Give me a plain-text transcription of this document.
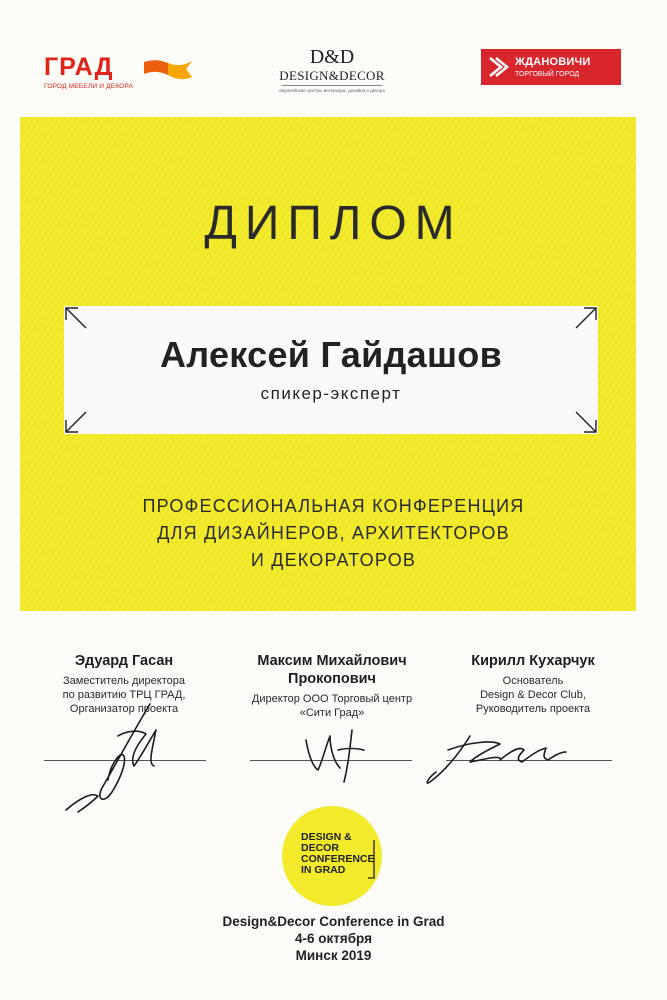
ГРАД
ГОРОД МЕБЕЛИ И ДЕКОРА
D&D
DESIGN&DECOR
европейские центры интерьера, дизайна и декора
ЖДАНОВИЧИ
ТОРГОВЫЙ ГОРОД
ДИПЛОМ
Алексей Гайдашов
спикер-эксперт
ПРОФЕССИОНАЛЬНАЯ КОНФЕРЕНЦИЯ
ДЛЯ ДИЗАЙНЕРОВ, АРХИТЕКТОРОВ
И ДЕКОРАТОРОВ
Эдуард Гасан
Заместитель директора
по развитию ТРЦ ГРАД,
Организатор проекта
Максим Михайлович
Прокопович
Директор ООО Торговый центр
«Сити Град»
Кирилл Кухарчук
Основатель
Design & Decor Club,
Руководитель проекта
DESIGN &
DECOR
CONFERENCE
IN GRAD
Design&Decor Conference in Grad
4-6 октября
Минск 2019
